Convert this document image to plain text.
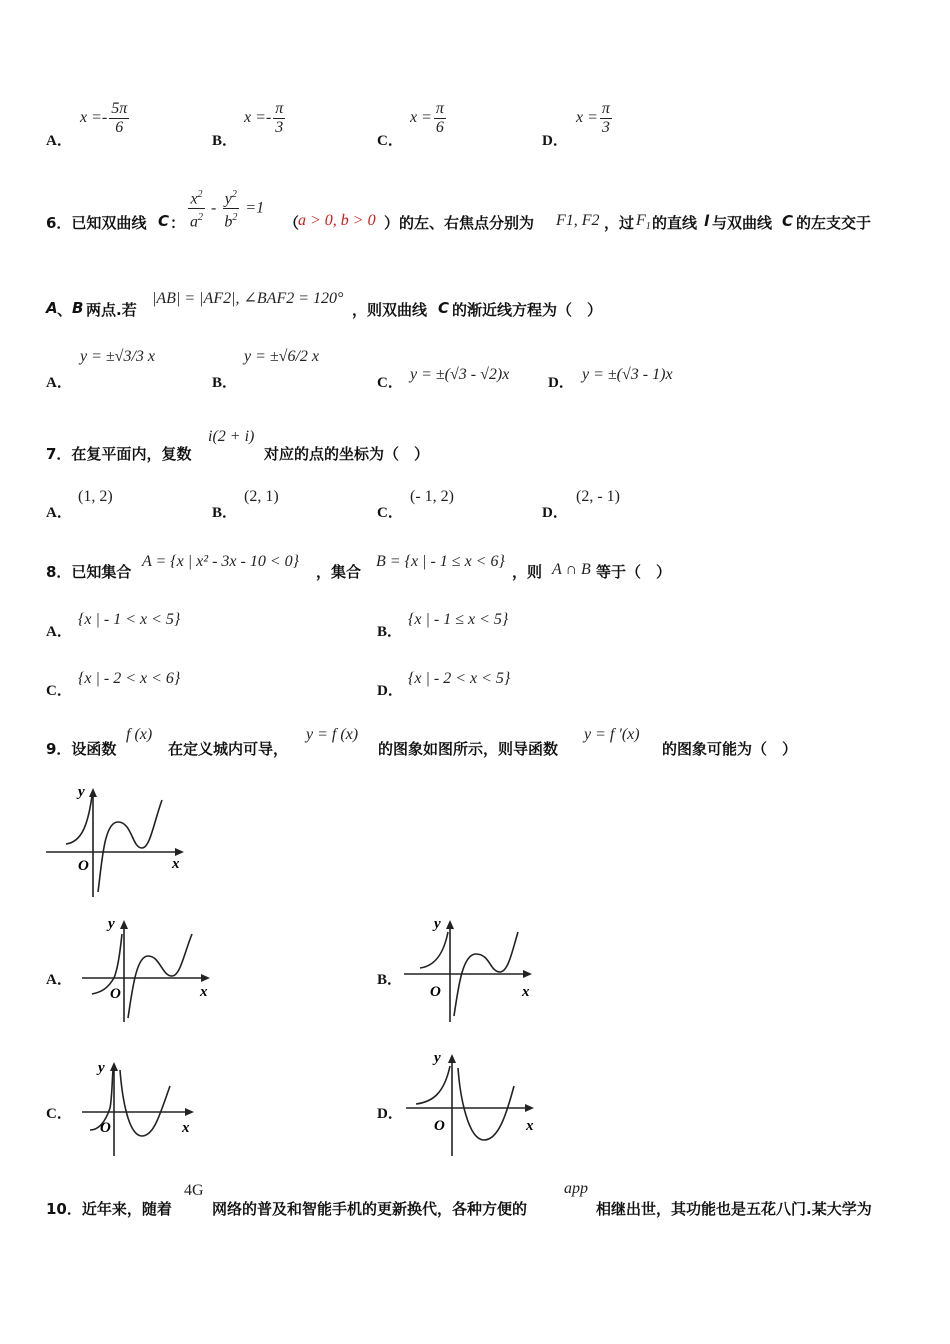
A．
$x =- \frac{5\pi}{6}$
B．
$x =- \frac{\pi}{3}$
C．
$x = \frac{\pi}{6}$
D．
$x = \frac{\pi}{3}$
6．已知双曲线 C ： $\frac{x^2}{a^2} - \frac{y^2}{b^2} =1$
（
a > 0, b > 0 ）的左、右焦点分别为 F1, F2 ，过 $F_1$ 的直线 l 与双曲线 C 的左支交于
A 、 B 两点.若
|AB| = |AF2|, ∠BAF2 = 120°
，则双曲线 C 的渐近线方程为（　）
A．
y = ±√3/3 x
B．
y = ±√6/2 x
C． y = ±(√3 - √2)x	D． y = ±(√3 - 1)x
7．在复平面内，复数
i(2 + i)
对应的点的坐标为（　）
A．
(1, 2)
B．
(2, 1)
C．
(- 1, 2)
D．
(2, - 1)
8．已知集合
A = {x | x² - 3x - 10 < 0}
，集合
B = {x | - 1 ≤ x < 6}
，则 A ∩ B 等于（　）
A．
{x | - 1 < x < 5}
B．
{x | - 1 ≤ x < 5}
C．
{x | - 2 < x < 6}
D．
{x | - 2 < x < 5}
9．设函数
f (x)
在定义城内可导，
y = f (x)
的图象如图所示，则导函数
y = f ′(x)
的图象可能为（　）
y
x
O
A．
y
x
O
B．
y
x
O
C．
y
x
O
D．
y
x
O
10．近年来，随着
4G
网络的普及和智能手机的更新换代，各种方便的
app
相继出世，其功能也是五花八门.某大学为
